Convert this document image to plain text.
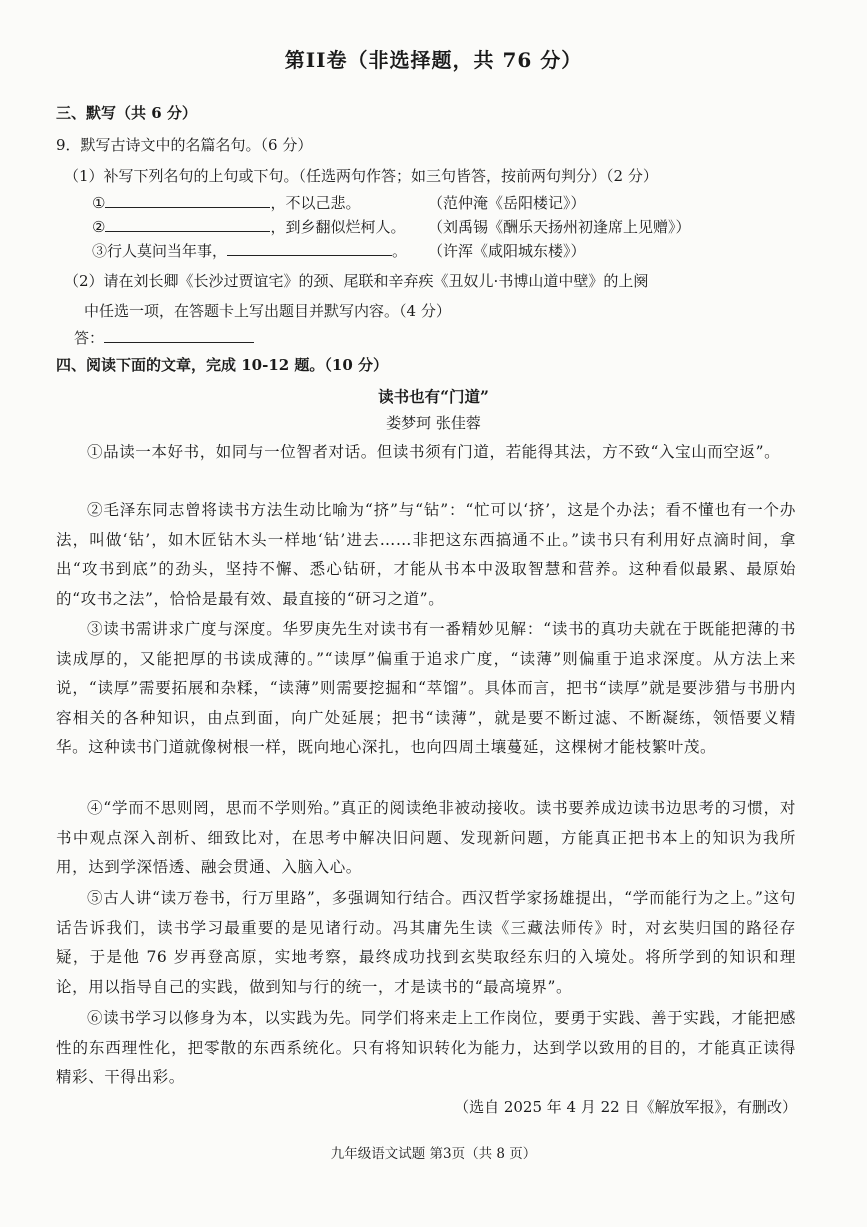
第II卷（非选择题，共 76 分）
三、默写（共 6 分）
9．默写古诗文中的名篇名句。（6 分）
（1）补写下列名句的上句或下句。（任选两句作答；如三句皆答，按前两句判分）（2 分）
①	，不以己悲。	（范仲淹《岳阳楼记》）
②	，到乡翻似烂柯人。 （刘禹锡《酬乐天扬州初逢席上见赠》）
③行人莫问当年事，	。 （许浑《咸阳城东楼》）
（2）请在刘长卿《长沙过贾谊宅》的颈、尾联和辛弃疾《丑奴儿·书博山道中壁》的上阕
中任选一项，在答题卡上写出题目并默写内容。（4 分）
答：
四、阅读下面的文章，完成 10-12 题。（10 分）
读书也有“门道”
娄梦珂 张佳蓉
①品读一本好书，如同与一位智者对话。但读书须有门道，若能得其法，方不致“入宝山而空返”。
②毛泽东同志曾将读书方法生动比喻为“挤”与“钻”：“忙可以‘挤’，这是个办法；看不懂也有一个办法，叫做‘钻’，如木匠钻木头一样地‘钻’进去……非把这东西搞通不止。”读书只有利用好点滴时间，拿出“攻书到底”的劲头，坚持不懈、悉心钻研，才能从书本中汲取智慧和营养。这种看似最累、最原始的“攻书之法”，恰恰是最有效、最直接的“研习之道”。
③读书需讲求广度与深度。华罗庚先生对读书有一番精妙见解：“读书的真功夫就在于既能把薄的书读成厚的，又能把厚的书读成薄的。”“读厚”偏重于追求广度，“读薄”则偏重于追求深度。从方法上来说，“读厚”需要拓展和杂糅，“读薄”则需要挖掘和“萃馏”。具体而言，把书“读厚”就是要涉猎与书册内容相关的各种知识，由点到面，向广处延展；把书“读薄”，就是要不断过滤、不断凝练，领悟要义精华。这种读书门道就像树根一样，既向地心深扎，也向四周土壤蔓延，这棵树才能枝繁叶茂。
④“学而不思则罔，思而不学则殆。”真正的阅读绝非被动接收。读书要养成边读书边思考的习惯，对书中观点深入剖析、细致比对，在思考中解决旧问题、发现新问题，方能真正把书本上的知识为我所用，达到学深悟透、融会贯通、入脑入心。
⑤古人讲“读万卷书，行万里路”，多强调知行结合。西汉哲学家扬雄提出，“学而能行为之上。”这句话告诉我们，读书学习最重要的是见诸行动。冯其庸先生读《三藏法师传》时，对玄奘归国的路径存疑，于是他 76 岁再登高原，实地考察，最终成功找到玄奘取经东归的入境处。将所学到的知识和理论，用以指导自己的实践，做到知与行的统一，才是读书的“最高境界”。
⑥读书学习以修身为本，以实践为先。同学们将来走上工作岗位，要勇于实践、善于实践，才能把感性的东西理性化，把零散的东西系统化。只有将知识转化为能力，达到学以致用的目的，才能真正读得精彩、干得出彩。
（选自 2025 年 4 月 22 日《解放军报》，有删改）
九年级语文试题 第3页（共 8 页）
